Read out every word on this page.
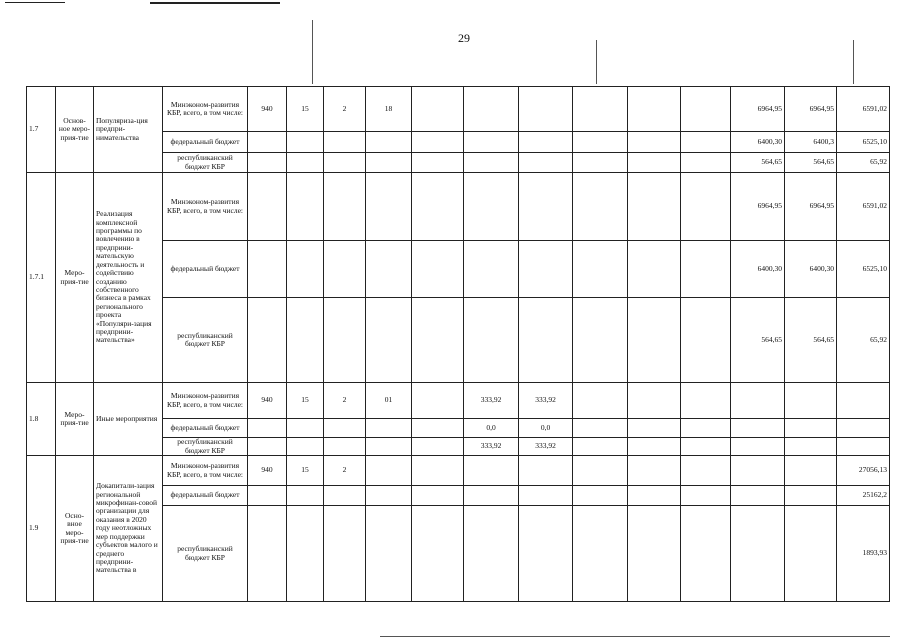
29
1.7	Основ-ное меро-прия-тие	Популяриза-ция предпри-нимательства	Минэконом-развития КБР, всего, в том числе:	940	15	2	18							6964,95	6964,95	6591,02
			федеральный бюджет											6400,30	6400,3	6525,10
			республиканский бюджет КБР											564,65	564,65	65,92
1.7.1	Меро-прия-тие	Реализация комплексной программы по вовлечению в предприни-мательскую деятельность и содействию созданию собственного бизнеса в рамках регионального проекта «Популяри-зация предприни-мательства»	Минэконом-развития КБР, всего, в том числе:											6964,95	6964,95	6591,02
			федеральный бюджет											6400,30	6400,30	6525,10
			республиканский бюджет КБР											564,65	564,65	65,92
1.8	Меро-прия-тие	Иные мероприятия	Минэконом-развития КБР, всего, в том числе:	940	15	2	01		333,92	333,92						
			федеральный бюджет						0,0	0,0						
			республиканский бюджет КБР						333,92	333,92						
1.9	Осно-вное меро-прия-тие	Докапитали-зация региональной микрофинан-совой организации для оказания в 2020 году неотложных мер поддержки субъектов малого и среднего предприни-мательства в	Минэконом-развития КБР, всего, в том числе:	940	15	2										27056,13
			федеральный бюджет													25162,2
			республиканский бюджет КБР													1893,93
